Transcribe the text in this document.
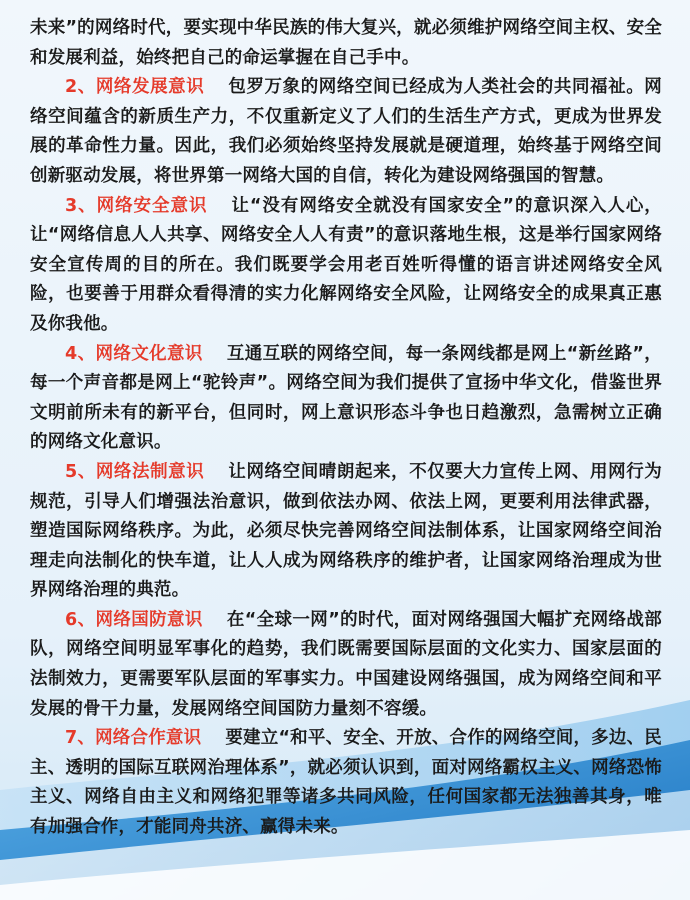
未来”的网络时代，要实现中华民族的伟大复兴，就必须维护网络空间主权、安全和发展利益，始终把自己的命运掌握在自己手中。

2、网络发展意识 包罗万象的网络空间已经成为人类社会的共同福祉。网络空间蕴含的新质生产力，不仅重新定义了人们的生活生产方式，更成为世界发展的革命性力量。因此，我们必须始终坚持发展就是硬道理，始终基于网络空间创新驱动发展，将世界第一网络大国的自信，转化为建设网络强国的智慧。

3、网络安全意识 让“没有网络安全就没有国家安全”的意识深入人心，让“网络信息人人共享、网络安全人人有责”的意识落地生根，这是举行国家网络安全宣传周的目的所在。我们既要学会用老百姓听得懂的语言讲述网络安全风险，也要善于用群众看得清的实力化解网络安全风险，让网络安全的成果真正惠及你我他。

4、网络文化意识 互通互联的网络空间，每一条网线都是网上“新丝路”，每一个声音都是网上“驼铃声”。网络空间为我们提供了宣扬中华文化，借鉴世界文明前所未有的新平台，但同时，网上意识形态斗争也日趋激烈，急需树立正确的网络文化意识。

5、网络法制意识 让网络空间晴朗起来，不仅要大力宣传上网、用网行为规范，引导人们增强法治意识，做到依法办网、依法上网，更要利用法律武器，塑造国际网络秩序。为此，必须尽快完善网络空间法制体系，让国家网络空间治理走向法制化的快车道，让人人成为网络秩序的维护者，让国家网络治理成为世界网络治理的典范。

6、网络国防意识 在“全球一网”的时代，面对网络强国大幅扩充网络战部队，网络空间明显军事化的趋势，我们既需要国际层面的文化实力、国家层面的法制效力，更需要军队层面的军事实力。中国建设网络强国，成为网络空间和平发展的骨干力量，发展网络空间国防力量刻不容缓。

7、网络合作意识 要建立“和平、安全、开放、合作的网络空间，多边、民主、透明的国际互联网治理体系”，就必须认识到，面对网络霸权主义、网络恐怖主义、网络自由主义和网络犯罪等诸多共同风险，任何国家都无法独善其身，唯有加强合作，才能同舟共济、赢得未来。
